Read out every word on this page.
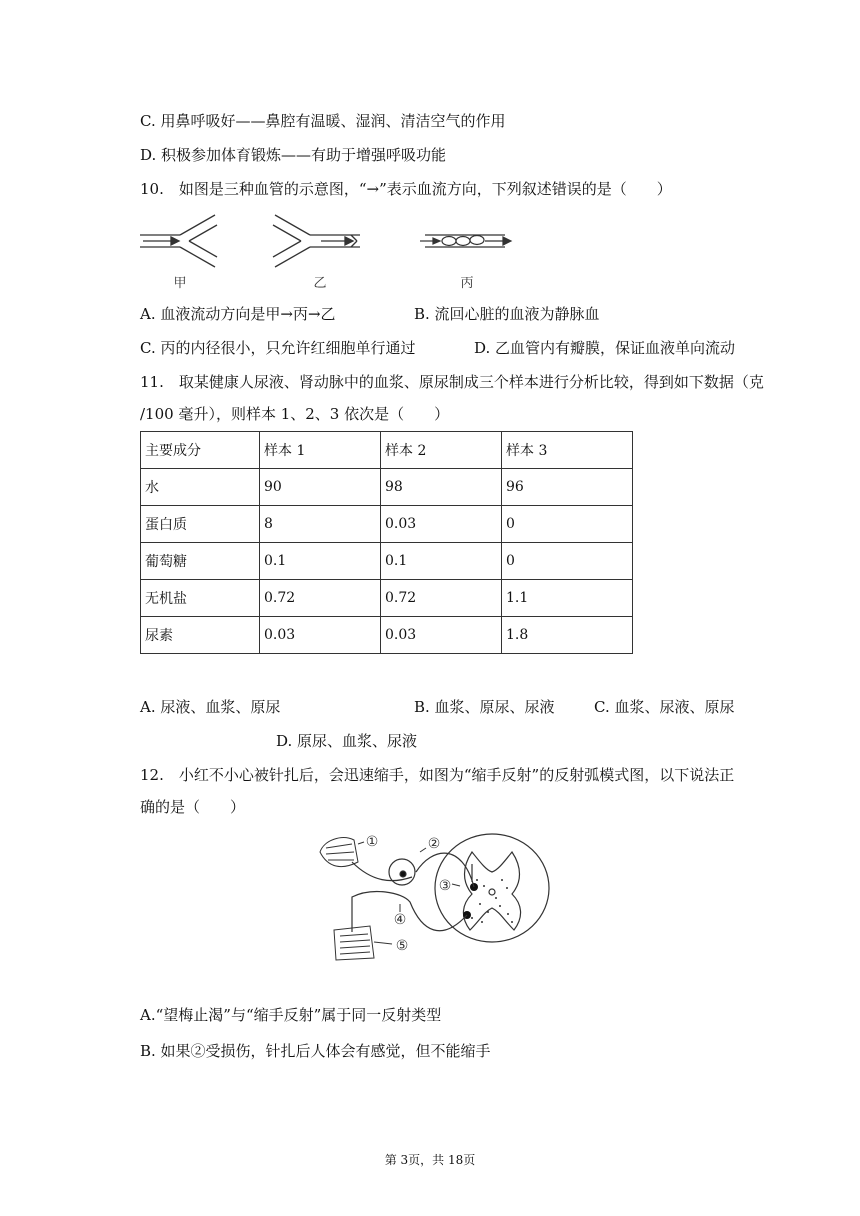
C. 用鼻呼吸好——鼻腔有温暖、湿润、清洁空气的作用
D. 积极参加体育锻炼——有助于增强呼吸功能
10.　如图是三种血管的示意图，“→”表示血流方向，下列叙述错误的是（　　）
甲	乙	丙
A. 血液流动方向是甲→丙→乙	B. 流回心脏的血液为静脉血
C. 丙的内径很小，只允许红细胞单行通过	D. 乙血管内有瓣膜，保证血液单向流动
11.　取某健康人尿液、肾动脉中的血浆、原尿制成三个样本进行分析比较，得到如下数据（克
/100 毫升），则样本 1、2、3 依次是（　　）
主要成分	样本 1	样本 2	样本 3
水	90	98	96
蛋白质	8	0.03	0
葡萄糖	0.1	0.1	0
无机盐	0.72	0.72	1.1
尿素	0.03	0.03	1.8
A. 尿液、血浆、原尿	B. 血浆、原尿、尿液	C. 血浆、尿液、原尿
D. 原尿、血浆、尿液
12.　小红不小心被针扎后，会迅速缩手，如图为“缩手反射”的反射弧模式图，以下说法正
确的是（　　）
①	②
③
④
⑤
A.“望梅止渴”与“缩手反射”属于同一反射类型
B. 如果②受损伤，针扎后人体会有感觉，但不能缩手
第 3页，共 18页
